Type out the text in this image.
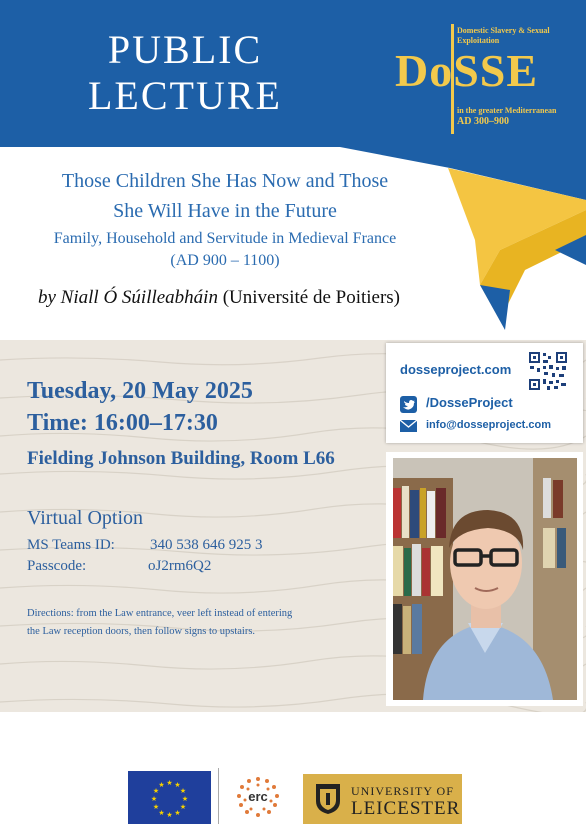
PUBLIC
LECTURE
Domestic Slavery & Sexual
Exploitation
DoSSE
in the greater Mediterranean
AD 300–900
Those Children She Has Now and Those
She Will Have in the Future
Family, Household and Servitude in Medieval France
(AD 900 – 1100)
by Niall Ó Súilleabháin (Université de Poitiers)
Tuesday, 20 May 2025
Time: 16:00–17:30
Fielding Johnson Building, Room L66
Virtual Option
MS Teams ID: 340 538 646 925 3
Passcode:	oJ2rm6Q2
Directions: from the Law entrance, veer left instead of entering
the Law reception doors, then follow signs to upstairs.
dosseproject.com
/DosseProject
info@dosseproject.com
★ ★
★
★
★
★
★
★
★
★
★
★
erc	UNIVERSITY OF
LEICESTER
